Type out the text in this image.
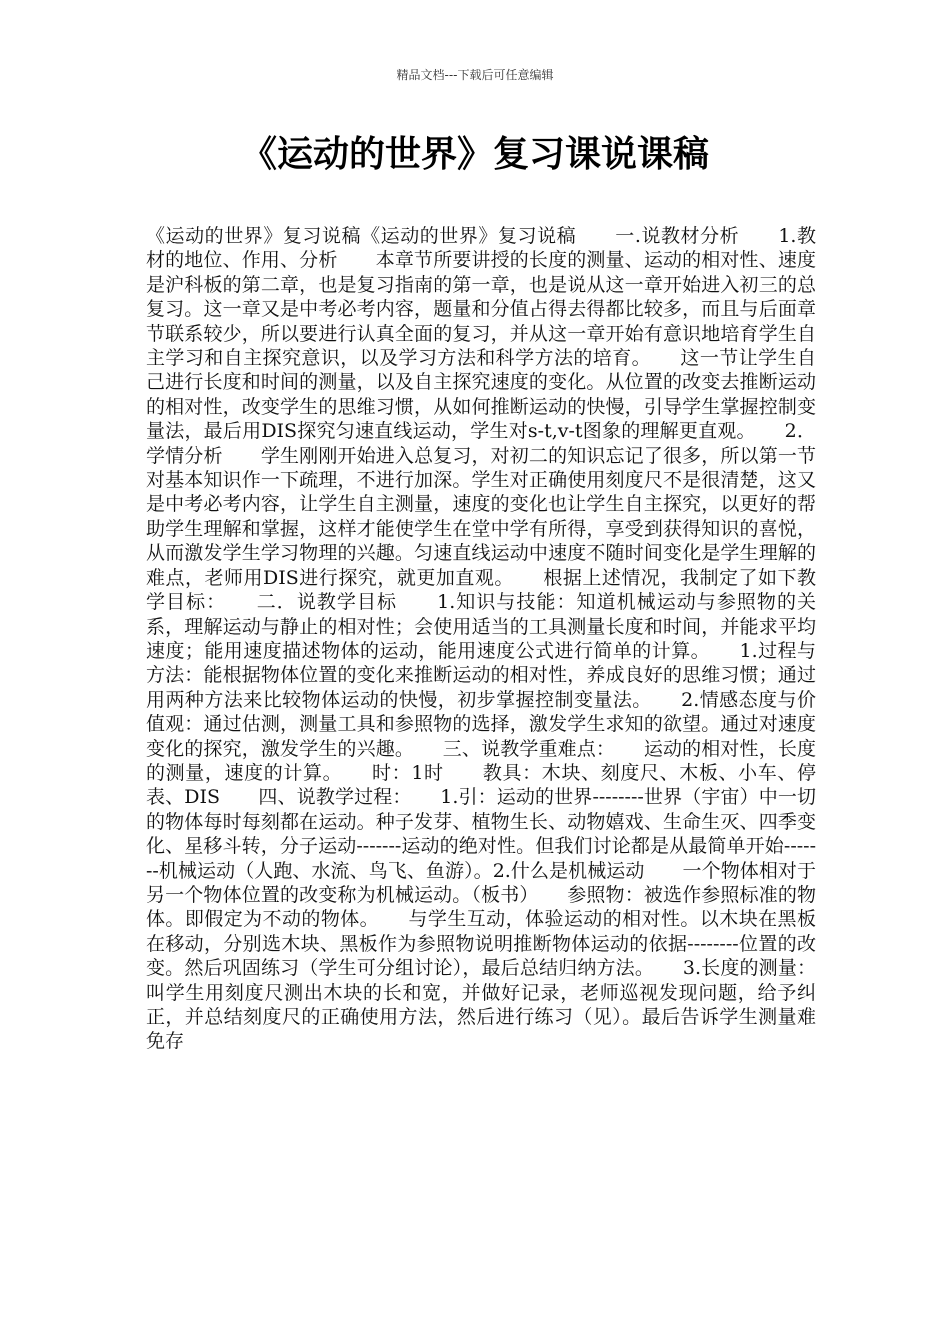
精品文档---下载后可任意编辑
《运动的世界》复习课说课稿
《运动的世界》复习说稿《运动的世界》复习说稿　　一.说教材分析　　1.教材的地位、作用、分析　　本章节所要讲授的长度的测量、运动的相对性、速度是沪科板的第二章，也是复习指南的第一章，也是说从这一章开始进入初三的总复习。这一章又是中考必考内容，题量和分值占得去得都比较多，而且与后面章节联系较少，所以要进行认真全面的复习，并从这一章开始有意识地培育学生自主学习和自主探究意识，以及学习方法和科学方法的培育。　　这一节让学生自己进行长度和时间的测量，以及自主探究速度的变化。从位置的改变去推断运动的相对性，改变学生的思维习惯，从如何推断运动的快慢，引导学生掌握控制变量法，最后用DIS探究匀速直线运动，学生对s-t,v-t图象的理解更直观。　　2．学情分析　　学生刚刚开始进入总复习，对初二的知识忘记了很多，所以第一节对基本知识作一下疏理，不进行加深。学生对正确使用刻度尺不是很清楚，这又是中考必考内容，让学生自主测量，速度的变化也让学生自主探究，以更好的帮助学生理解和掌握，这样才能使学生在堂中学有所得，享受到获得知识的喜悦，从而激发学生学习物理的兴趣。匀速直线运动中速度不随时间变化是学生理解的难点，老师用DIS进行探究，就更加直观。　　根据上述情况，我制定了如下教学目标：　　二．说教学目标　　1.知识与技能：知道机械运动与参照物的关系，理解运动与静止的相对性；会使用适当的工具测量长度和时间，并能求平均速度；能用速度描述物体的运动，能用速度公式进行简单的计算。　　1.过程与方法：能根据物体位置的变化来推断运动的相对性，养成良好的思维习惯；通过用两种方法来比较物体运动的快慢，初步掌握控制变量法。　　2.情感态度与价值观：通过估测，测量工具和参照物的选择，激发学生求知的欲望。通过对速度变化的探究，激发学生的兴趣。　　三、说教学重难点：　　运动的相对性，长度的测量，速度的计算。　　时：1时　　教具：木块、刻度尺、木板、小车、停表、DIS　　四、说教学过程：　　1.引：运动的世界--------世界（宇宙）中一切的物体每时每刻都在运动。种子发芽、植物生长、动物嬉戏、生命生灭、四季变化、星移斗转，分子运动-------运动的绝对性。但我们讨论都是从最简单开始-------机械运动（人跑、水流、鸟飞、鱼游）。2.什么是机械运动　　一个物体相对于另一个物体位置的改变称为机械运动。（板书）　　参照物：被选作参照标准的物体。即假定为不动的物体。　　与学生互动，体验运动的相对性。以木块在黑板在移动，分别选木块、黑板作为参照物说明推断物体运动的依据--------位置的改变。然后巩固练习（学生可分组讨论），最后总结归纳方法。　　3.长度的测量：叫学生用刻度尺测出木块的长和宽，并做好记录，老师巡视发现问题，给予纠正，并总结刻度尺的正确使用方法，然后进行练习（见）。最后告诉学生测量难免存
